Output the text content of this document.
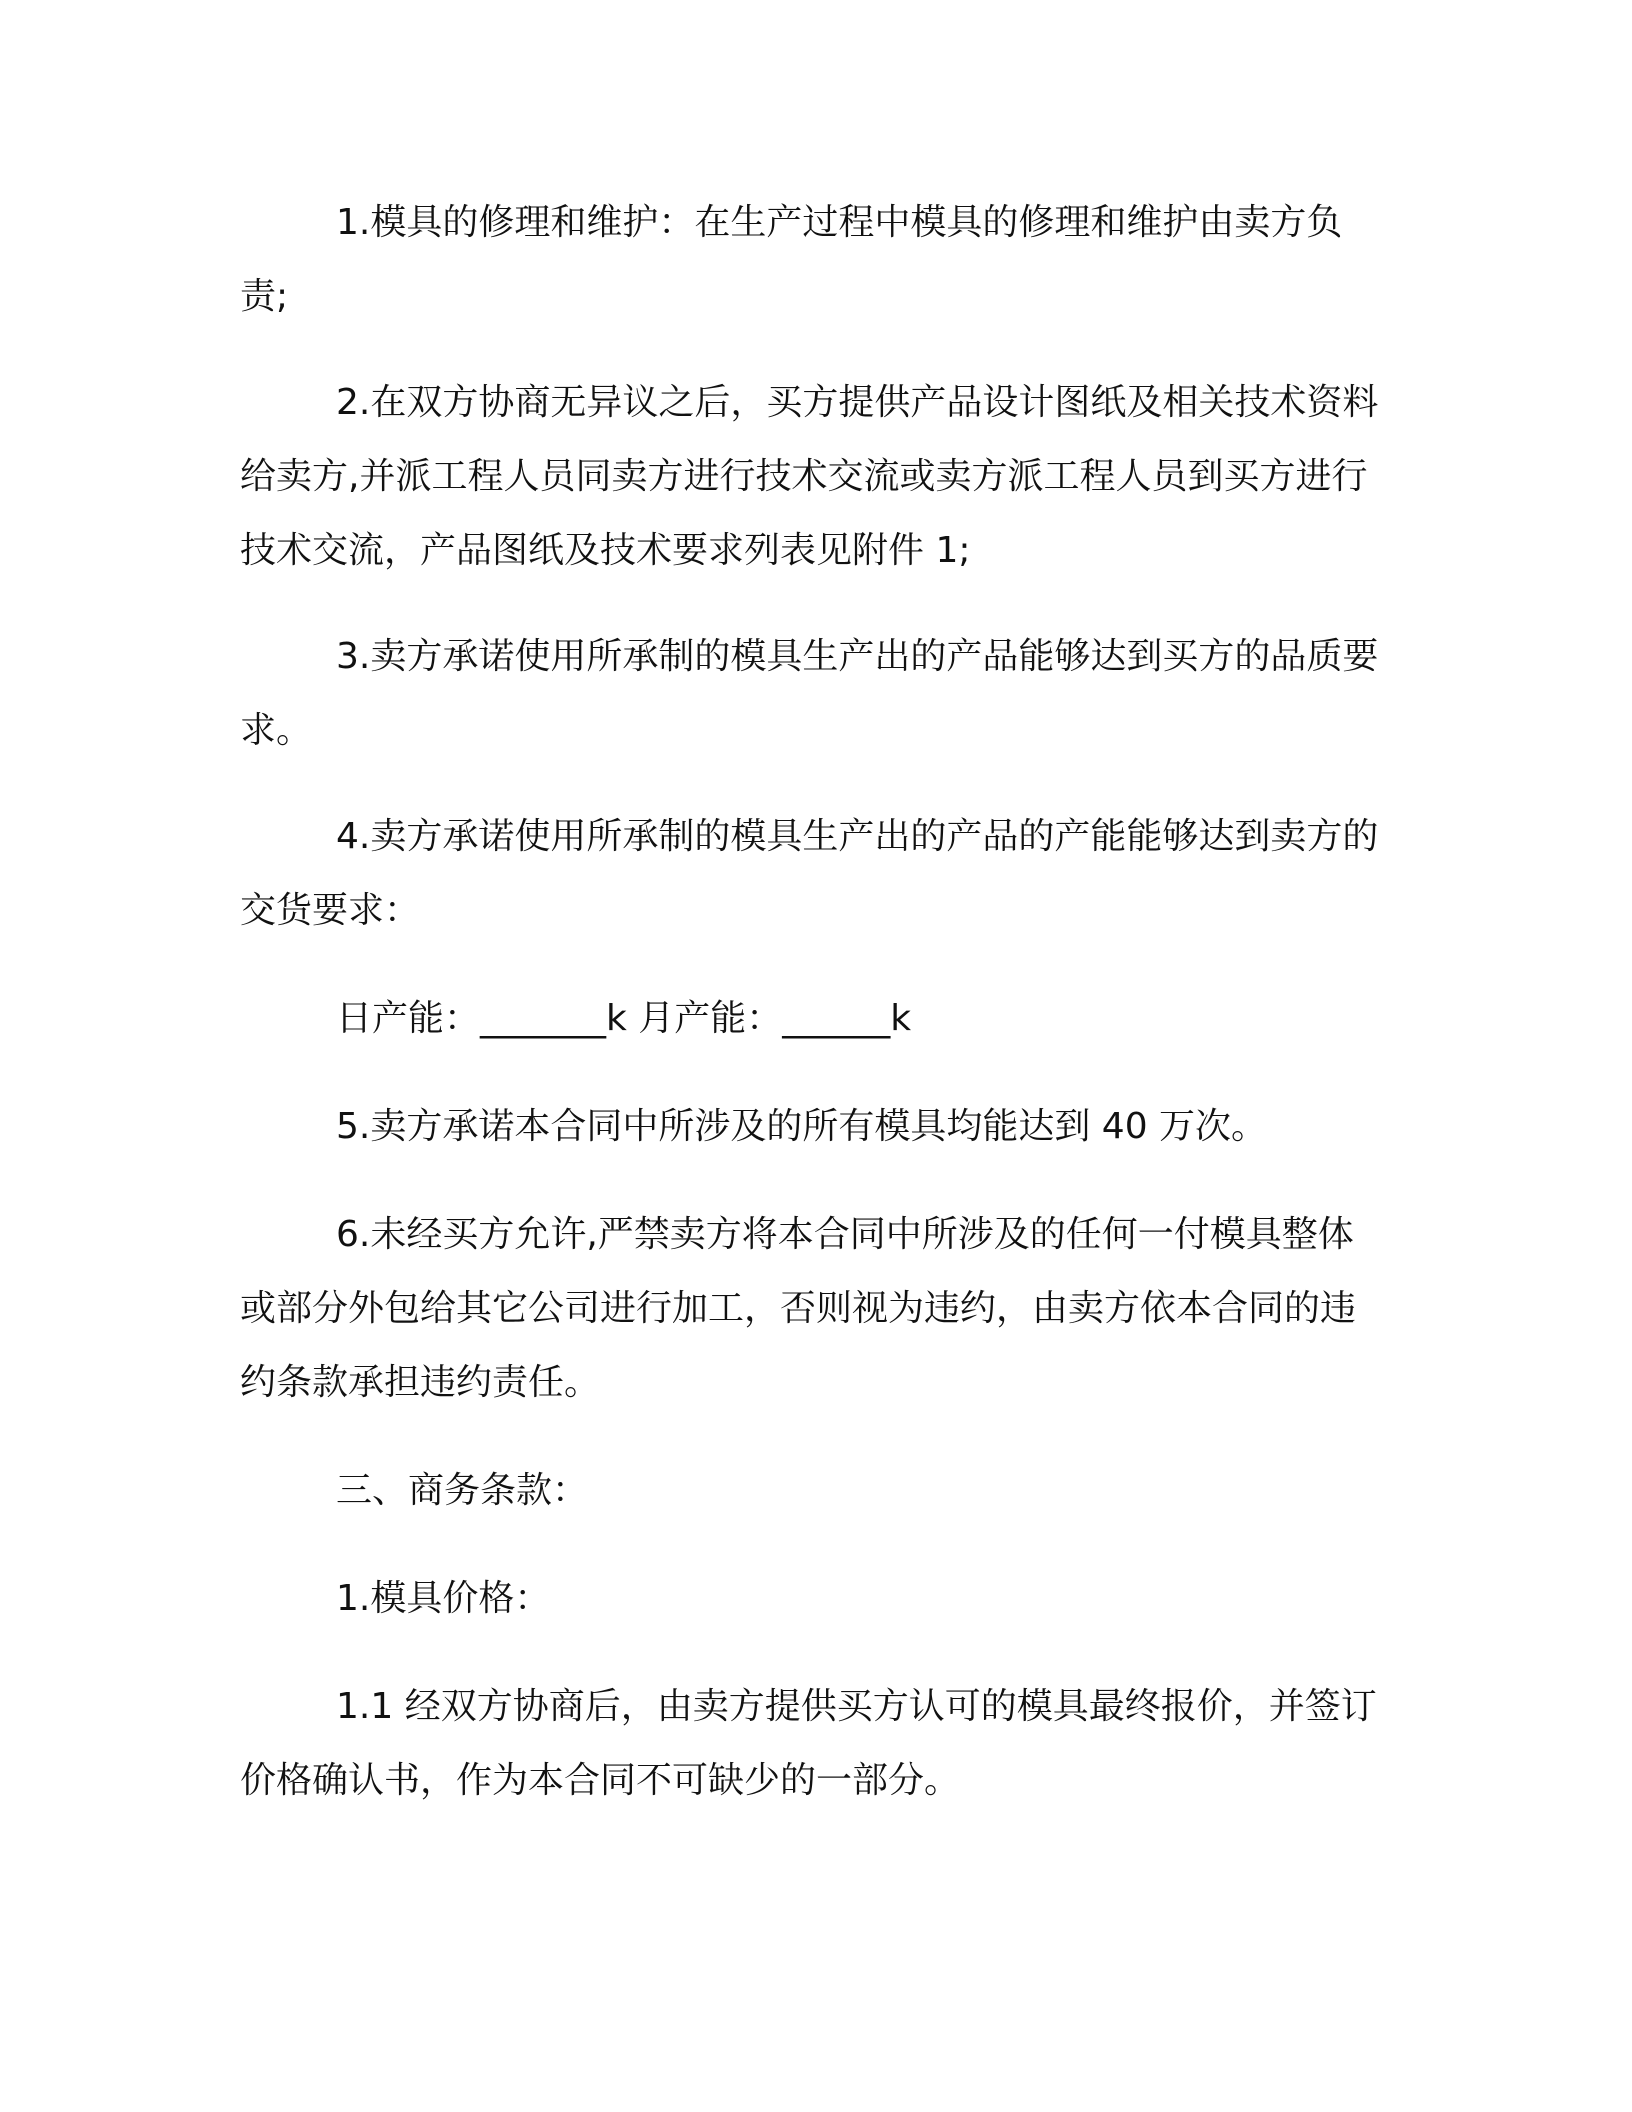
1.模具的修理和维护：在生产过程中模具的修理和维护由卖方负责;

2.在双方协商无异议之后，买方提供产品设计图纸及相关技术资料给卖方,并派工程人员同卖方进行技术交流或卖方派工程人员到买方进行技术交流，产品图纸及技术要求列表见附件 1;

3.卖方承诺使用所承制的模具生产出的产品能够达到买方的品质要求。

4.卖方承诺使用所承制的模具生产出的产品的产能能够达到卖方的交货要求：

日产能：_______k 月产能：______k

5.卖方承诺本合同中所涉及的所有模具均能达到 40 万次。

6.未经买方允许,严禁卖方将本合同中所涉及的任何一付模具整体或部分外包给其它公司进行加工，否则视为违约，由卖方依本合同的违约条款承担违约责任。

三、商务条款：

1.模具价格：

1.1 经双方协商后，由卖方提供买方认可的模具最终报价，并签订价格确认书，作为本合同不可缺少的一部分。
